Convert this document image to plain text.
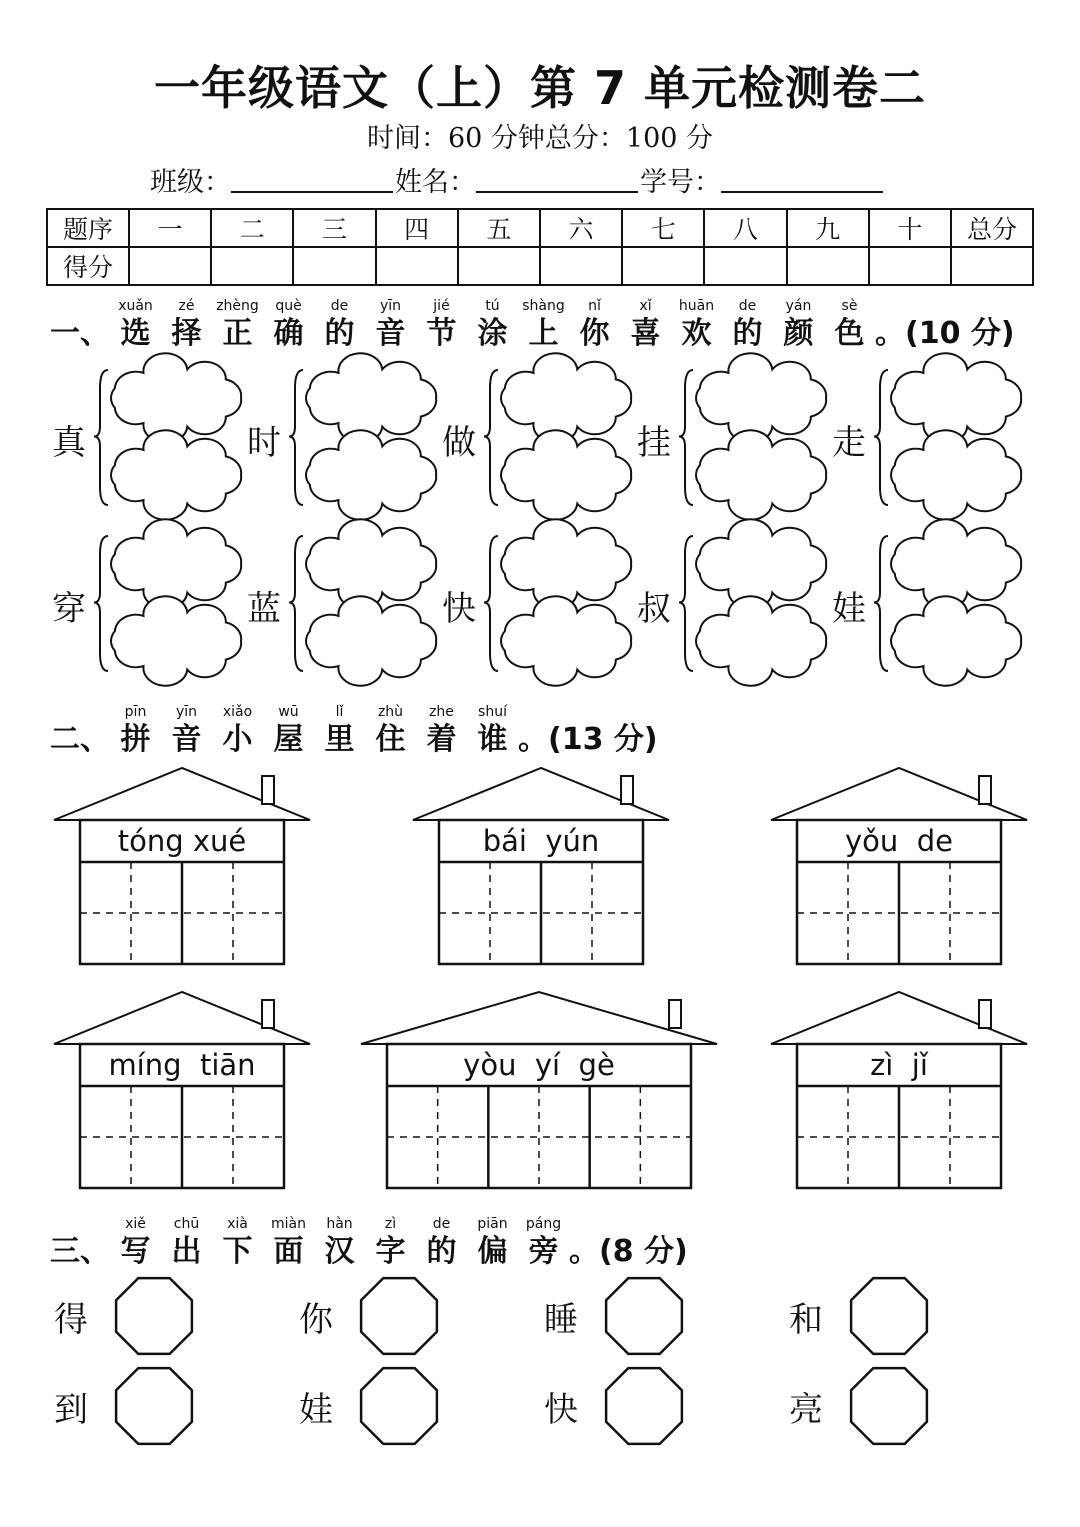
一年级语文（上）第 7 单元检测卷二
时间：60 分钟总分：100 分
班级：	姓名：	学号：
题序	一	二	三	四	五	六	七	八	九	十	总分
得分											
一、
xuǎn
选
zé
择
zhèng
正
què
确
de
的
yīn
音
jié
节
tú
涂
shàng
上
nǐ
你
xǐ
喜
huān
欢
de
的
yán
颜
sè
色 。(10 分)
真	时	做	挂	走
穿	蓝	快	叔	娃
二、
pīn
拼
yīn
音
xiǎo
小
wū
屋
lǐ
里
zhù
住
zhe
着
shuí
谁 。(13 分)
tóng xué	bái  yún	yǒu  de
míng  tiān	yòu  yí  gè	zì  jǐ
三、
xiě
写
chū
出
xià
下
miàn
面
hàn
汉
zì
字
de
的
piān
偏
páng
旁 。(8 分)
得	你	睡	和
到	娃	快	亮
